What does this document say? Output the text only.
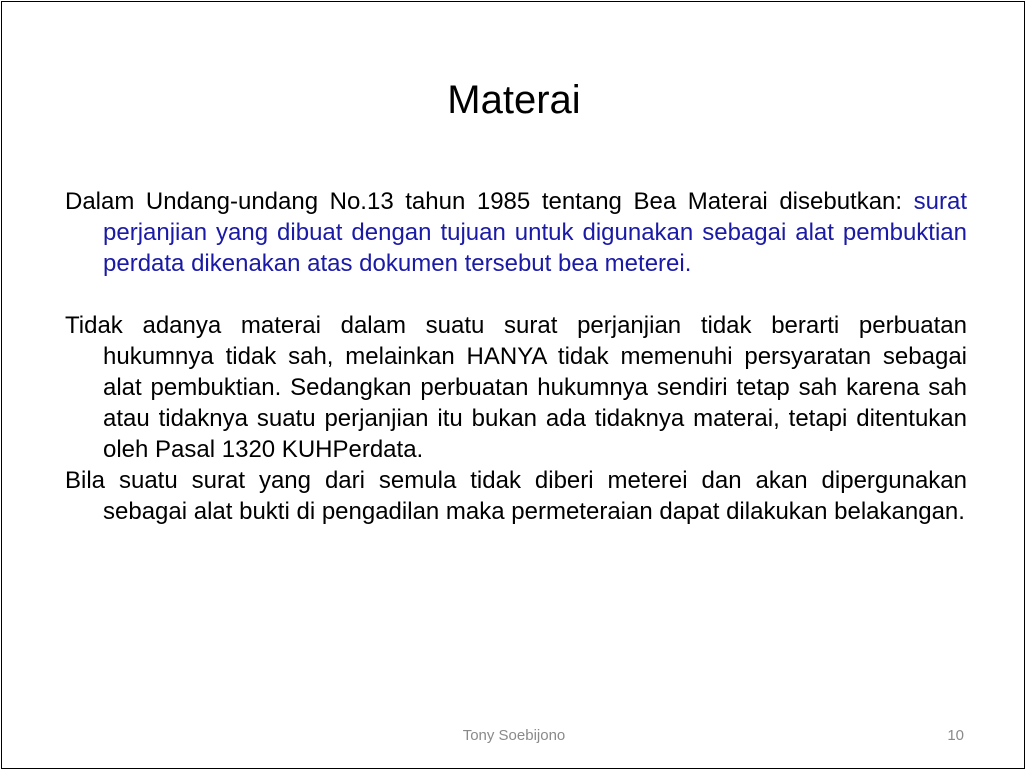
Materai

Dalam Undang-undang No.13 tahun 1985 tentang Bea Materai disebutkan: surat perjanjian yang dibuat dengan tujuan untuk digunakan sebagai alat pembuktian perdata dikenakan atas dokumen tersebut bea meterei.

Tidak adanya materai dalam suatu surat perjanjian tidak berarti perbuatan hukumnya tidak sah, melainkan HANYA tidak memenuhi persyaratan sebagai alat pembuktian. Sedangkan perbuatan hukumnya sendiri tetap sah karena sah atau tidaknya suatu perjanjian itu bukan ada tidaknya materai, tetapi ditentukan oleh Pasal 1320 KUHPerdata.

Bila suatu surat yang dari semula tidak diberi meterei dan akan dipergunakan sebagai alat bukti di pengadilan maka permeteraian dapat dilakukan belakangan.

Tony Soebijono	10
